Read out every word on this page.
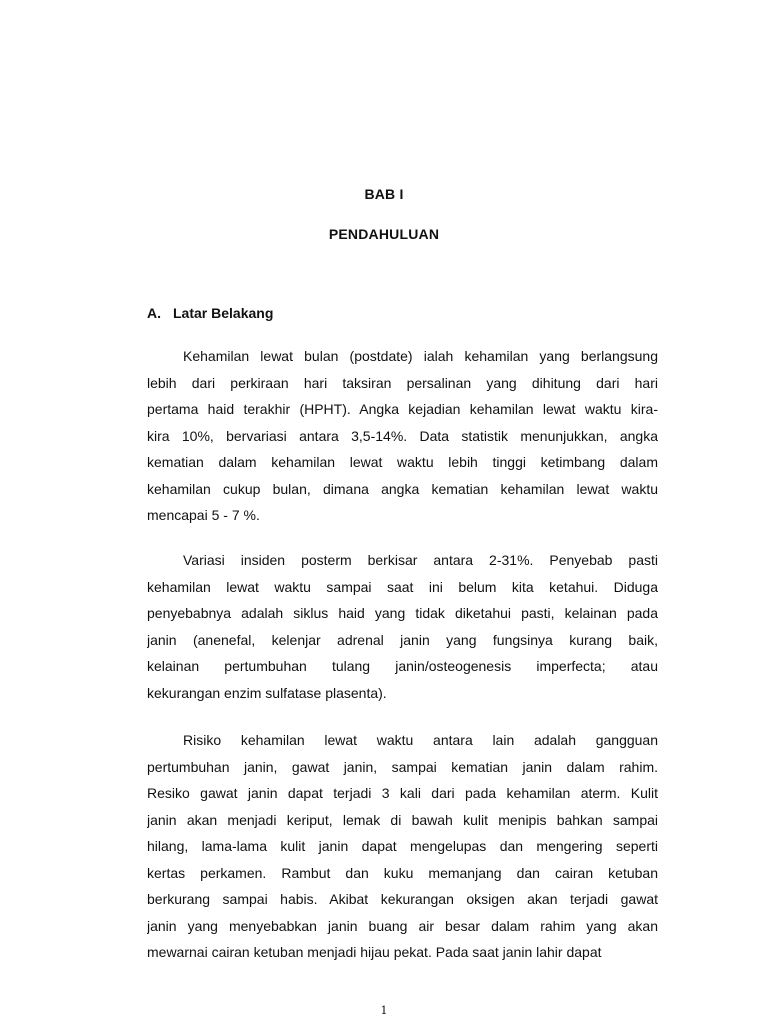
BAB I
PENDAHULUAN
A. Latar Belakang
Kehamilan lewat bulan (postdate) ialah kehamilan yang berlangsung
lebih dari perkiraan hari taksiran persalinan yang dihitung dari hari
pertama haid terakhir (HPHT). Angka kejadian kehamilan lewat waktu kira-
kira 10%, bervariasi antara 3,5-14%. Data statistik menunjukkan, angka
kematian dalam kehamilan lewat waktu lebih tinggi ketimbang dalam
kehamilan cukup bulan, dimana angka kematian kehamilan lewat waktu
mencapai 5 - 7 %.
Variasi insiden posterm berkisar antara 2-31%. Penyebab pasti
kehamilan lewat waktu sampai saat ini belum kita ketahui. Diduga
penyebabnya adalah siklus haid yang tidak diketahui pasti, kelainan pada
janin (anenefal, kelenjar adrenal janin yang fungsinya kurang baik,
kelainan pertumbuhan tulang janin/osteogenesis imperfecta; atau
kekurangan enzim sulfatase plasenta).
Risiko kehamilan lewat waktu antara lain adalah gangguan
pertumbuhan janin, gawat janin, sampai kematian janin dalam rahim.
Resiko gawat janin dapat terjadi 3 kali dari pada kehamilan aterm. Kulit
janin akan menjadi keriput, lemak di bawah kulit menipis bahkan sampai
hilang, lama-lama kulit janin dapat mengelupas dan mengering seperti
kertas perkamen. Rambut dan kuku memanjang dan cairan ketuban
berkurang sampai habis. Akibat kekurangan oksigen akan terjadi gawat
janin yang menyebabkan janin buang air besar dalam rahim yang akan
mewarnai cairan ketuban menjadi hijau pekat. Pada saat janin lahir dapat
1
